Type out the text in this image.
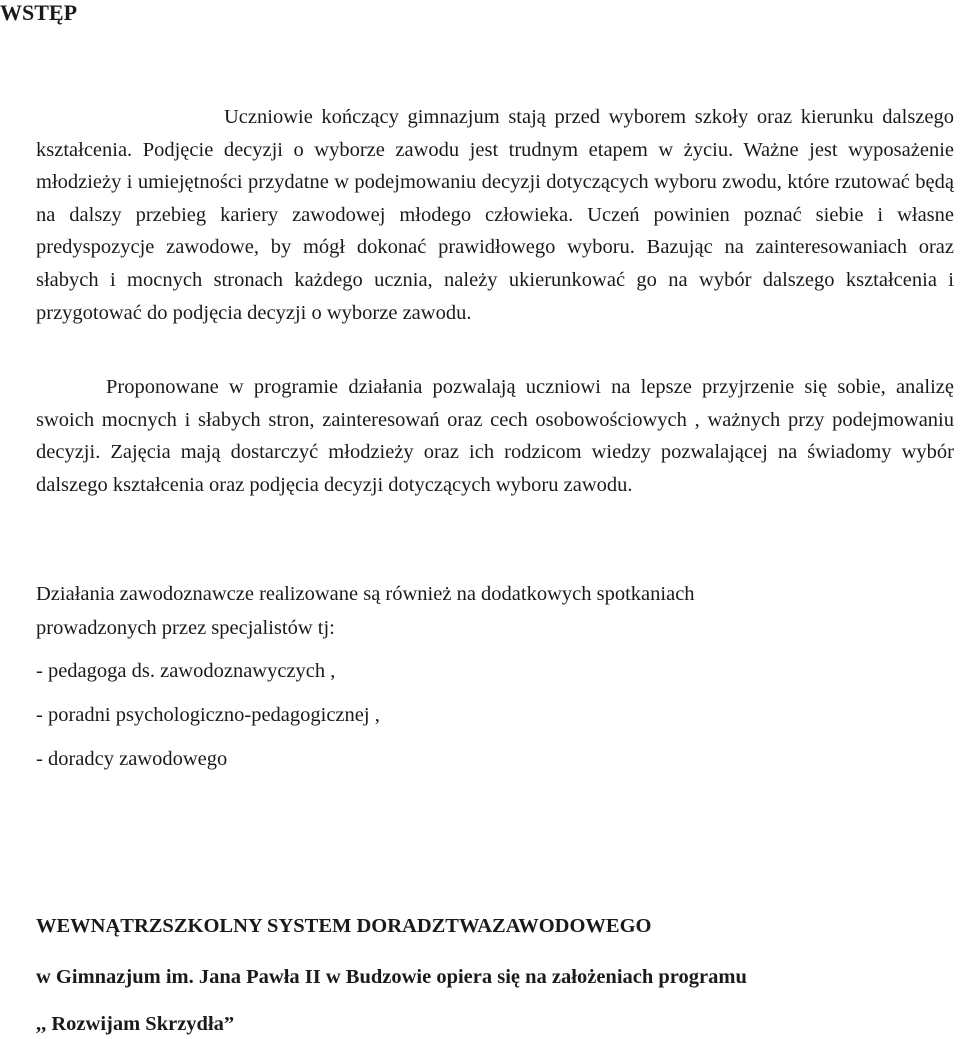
WSTĘP

Uczniowie kończący gimnazjum stają przed wyborem szkoły oraz kierunku dalszego kształcenia. Podjęcie decyzji o wyborze zawodu jest trudnym etapem w życiu. Ważne jest wyposażenie młodzieży i umiejętności przydatne w podejmowaniu decyzji dotyczących wyboru zwodu, które rzutować będą na dalszy przebieg kariery zawodowej młodego człowieka. Uczeń powinien poznać siebie i własne predyspozycje zawodowe, by mógł dokonać prawidłowego wyboru. Bazując na zainteresowaniach oraz słabych i mocnych stronach każdego ucznia, należy ukierunkować go na wybór dalszego kształcenia i przygotować do podjęcia decyzji o wyborze zawodu.

Proponowane w programie działania pozwalają uczniowi na lepsze przyjrzenie się sobie, analizę swoich mocnych i słabych stron, zainteresowań oraz cech osobowościowych , ważnych przy podejmowaniu decyzji. Zajęcia mają dostarczyć młodzieży oraz ich rodzicom wiedzy pozwalającej na świadomy wybór dalszego kształcenia oraz podjęcia decyzji dotyczących wyboru zawodu.

Działania zawodoznawcze realizowane są również na dodatkowych spotkaniach

prowadzonych przez specjalistów tj:

- pedagoga ds. zawodoznawyczych ,

- poradni psychologiczno-pedagogicznej ,

- doradcy zawodowego

WEWNĄTRZSZKOLNY SYSTEM DORADZTWAZAWODOWEGO

w Gimnazjum im. Jana Pawła II w Budzowie opiera się na założeniach programu

,, Rozwijam Skrzydła”
